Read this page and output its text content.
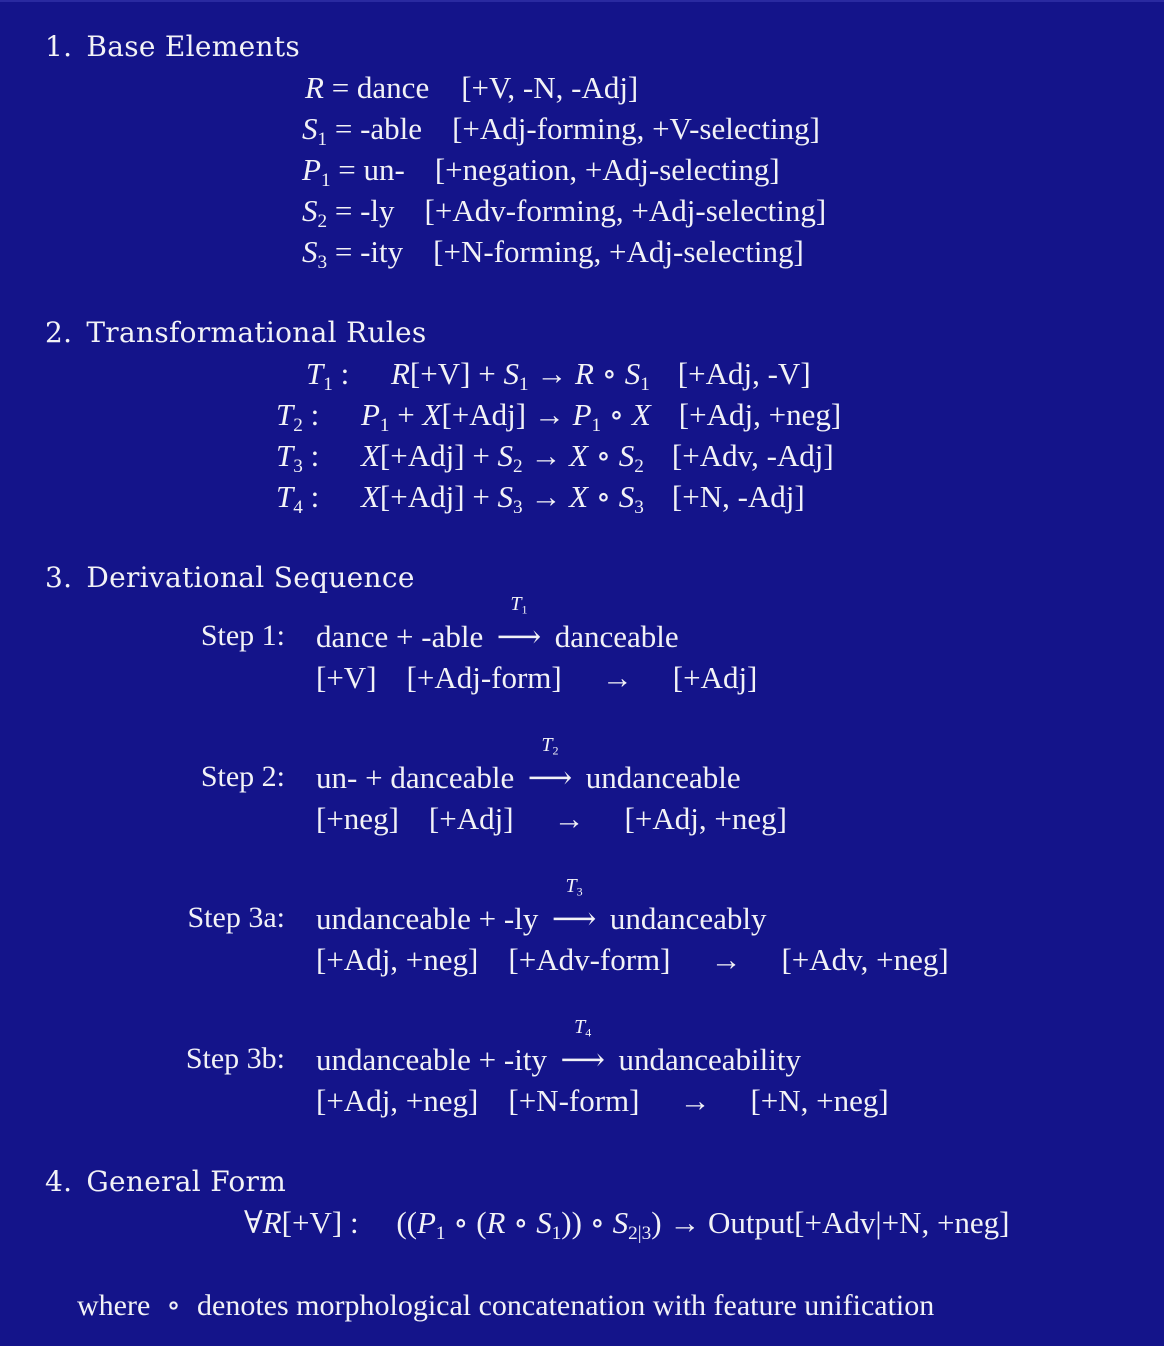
1. Base Elements
R = dance [+V, -N, -Adj]
$S_1$ = -able [+Adj-forming, +V-selecting]
$P_1 = un-$ [+negation, +Adj-selecting]
$S_2 = -ly$ [+Adv-forming, +Adj-selecting]
$S_3 = -ity$ [+N-forming, +Adj-selecting]
2. Transformational Rules
$T_1$ : $R[+V] + S_1 \to R$ ∘ $S_1$ [+Adj, -V]
$T_2$ : $P_1 + X[+Adj] \to P_1$ ∘ X [+Adj, +neg]
$T_3$ : $X[+Adj] + S_2 \to X$ ∘ $S_2$ [+Adv, -Adj]
$T_4$ : $X[+Adj] + S_3 \to X$ ∘ $S_3$ [+N, -Adj]
3. Derivational Sequence
Step 1: dance + -able
$T_1$
⟶ danceable
[+V] [+Adj-form] → [+Adj]
Step 2: un- + danceable
$T_2$
⟶ undanceable
[+neg] [+Adj] → [+Adj, +neg]
Step 3a: undanceable + -ly
$T_3$
⟶ undanceably
[+Adj, +neg] [+Adv-form] → [+Adv, +neg]
Step 3b: undanceable + -ity
$T_4$
⟶ undanceability
[+Adj, +neg] [+N-form] → [+N, +neg]
4. General Form
∀R[+V] : (($P_1$ ∘ (R ∘ $S_1$)) ∘ $S_{2|3}$) → Output[+Adv|+N, +neg]
where ∘ denotes morphological concatenation with feature unification
